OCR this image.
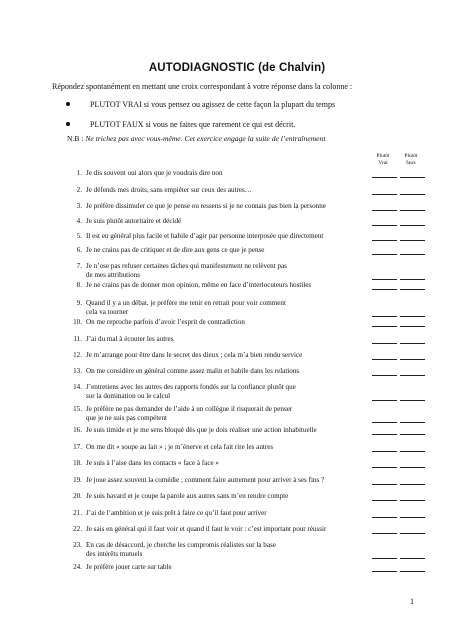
AUTODIAGNOSTIC (de Chalvin)
Répondez spontanément en mettant une croix correspondant à votre réponse dans la colonne :
PLUTOT VRAI si vous pensez ou agissez de cette façon la plupart du temps
PLUTOT FAUX si vous ne faites que rarement ce qui est décrit.
N.B : Ne trichez pas avec vous-même. Cet exercice engage la suite de l’entraînement
Plutôt
Vrai
Plutôt
faux
1. Je dis souvent oui alors que je voudrais dire non
2. Je défends mes droits, sans empiéter sur ceux des autres…
3. Je préfère dissimuler ce que je pense ou ressens si je ne connais pas bien la personne
4. Je suis plutôt autoritaire et décidé
5. Il est en général plus facile et habile d’agir par personne interposée que directement
6. Je ne crains pas de critiquer et de dire aux gens ce que je pense
7. Je n’ose pas refuser certaines tâches qui manifestement ne relèvent pas
de mes attributions
8. Je ne crains pas de donner mon opinion, même en face d’interlocuteurs hostiles
9. Quand il y a un débat, je préfère me tenir en retrait pour voir comment
cela va tourner
10. On me reproche parfois d’avoir l’esprit de contradiction
11. J’ai du mal à écouter les autres
12. Je m’arrange pour être dans le secret des dieux ; cela m’a bien rendu service
13. On me considère en général comme assez malin et habile dans les relations
14. J’entretiens avec les autres des rapports fondés sur la confiance plutôt que
sur la domination ou le calcul
15. Je préfère ne pas demander de l’aide à un collègue il risquerait de penser
que je ne suis pas compétent
16. Je suis timide et je me sens bloqué dès que je dois réaliser une action inhabituelle
17. On me dit « soupe au lait » ; je m’énerve et cela fait rire les autres
18. Je suis à l’aise dans les contacts « face à face »
19. Je joue assez souvent la comédie ; comment faire autrement pour arriver à ses fins ?
20. Je suis bavard et je coupe la parole aux autres sans m’en rendre compte
21. J’ai de l’ambition et je suis prêt à faire ce qu’il faut pour arriver
22. Je sais en général qui il faut voir et quand il faut le voir : c’est important pour réussir
23. En cas de désaccord, je cherche les compromis réalistes sur la base
des intérêts mutuels
24. Je préfère jouer carte sur table
1
